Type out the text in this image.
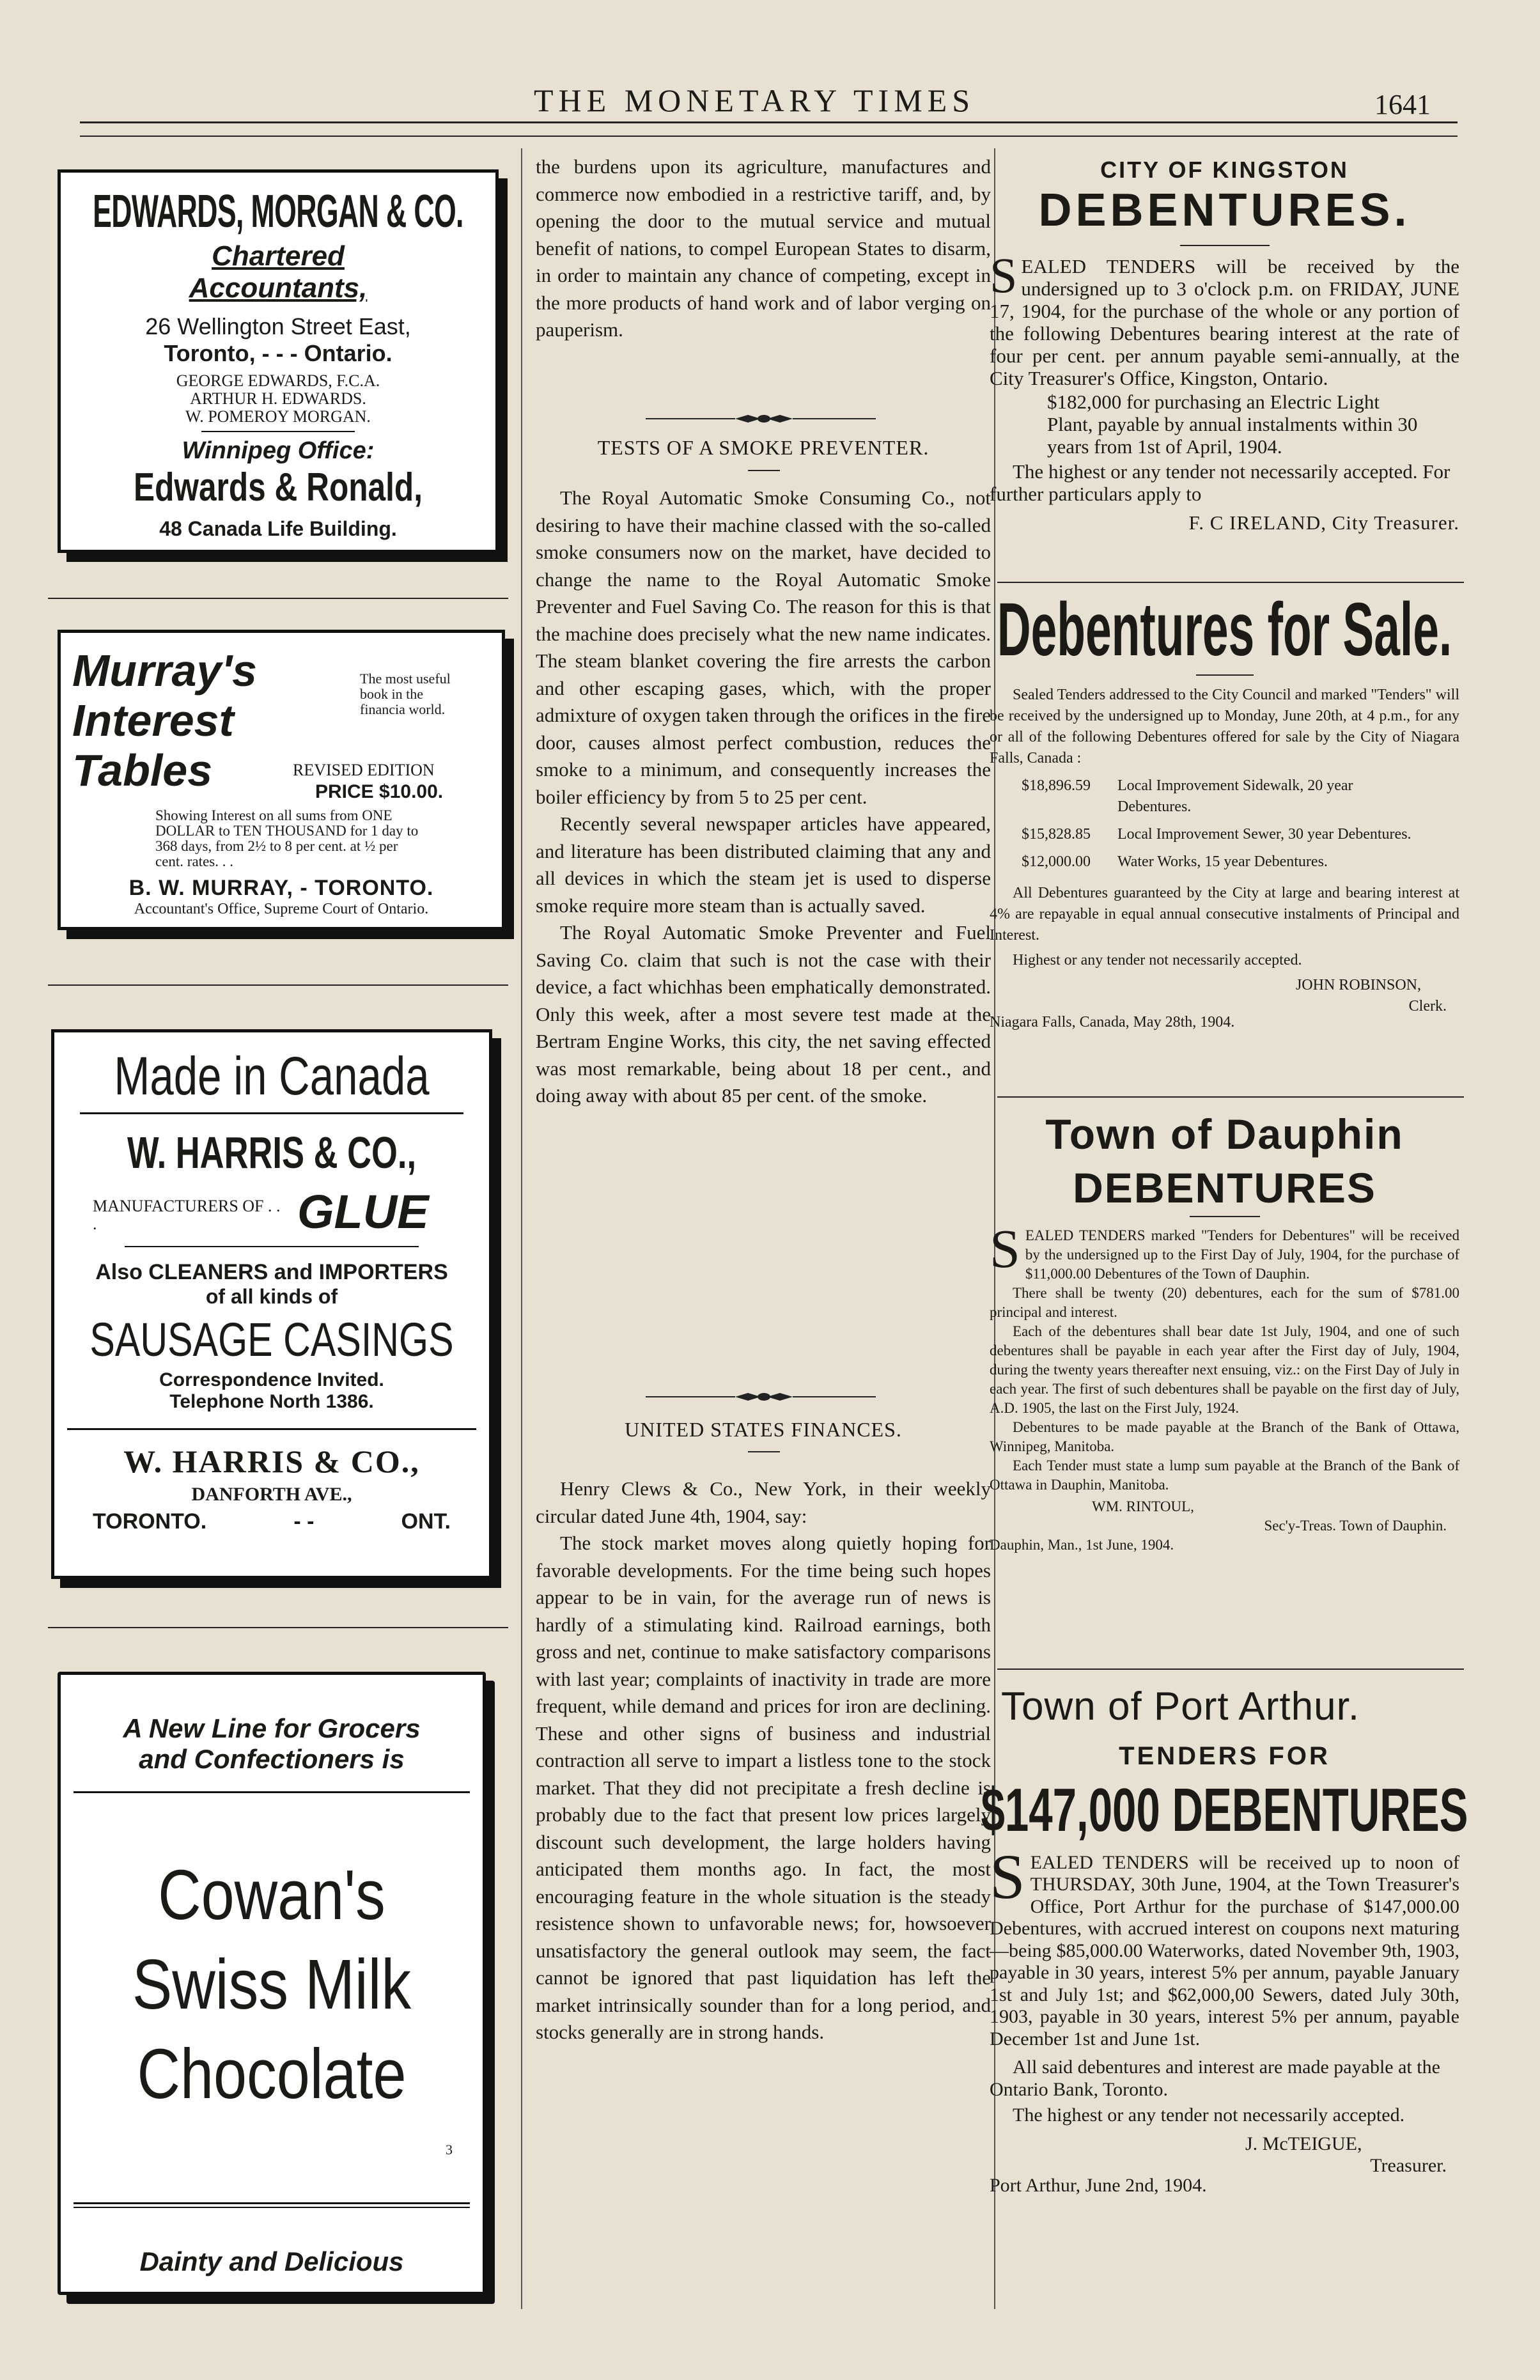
THE MONETARY TIMES	1641

EDWARDS, MORGAN & CO.

Chartered

Accountants,

26 Wellington Street East,

Toronto, - - - Ontario.

GEORGE EDWARDS, F.C.A.

ARTHUR H. EDWARDS.

W. POMEROY MORGAN.

Winnipeg Office:

Edwards & Ronald,

48 Canada Life Building.

Murray's

Interest

Tables

The most useful book in the financia world.

REVISED EDITION

PRICE $10.00.

Showing Interest on all sums from ONE DOLLAR to TEN THOUSAND for 1 day to 368 days, from 2½ to 8 per cent. at ½ per cent. rates. . .

B. W. MURRAY, - TORONTO.

Accountant's Office, Supreme Court of Ontario.

Made in Canada

W. HARRIS & CO.,

MANUFACTURERS OF . . .	GLUE

Also CLEANERS and IMPORTERS

of all kinds of

SAUSAGE CASINGS

Correspondence Invited.

Telephone North 1386.

W. HARRIS & CO.,

DANFORTH AVE.,

TORONTO.	- -	ONT.

A New Line for Grocers

and Confectioners is

Cowan's

Swiss Milk

Chocolate

3

Dainty and Delicious

the burdens upon its agriculture, manufactures and commerce now embodied in a restrictive tariff, and, by opening the door to the mutual service and mutual benefit of nations, to compel European States to disarm, in order to maintain any chance of competing, except in the more products of hand work and of labor verging on pauperism.

TESTS OF A SMOKE PREVENTER.

The Royal Automatic Smoke Consuming Co., not desiring to have their machine classed with the so-called smoke consumers now on the market, have decided to change the name to the Royal Automatic Smoke Preventer and Fuel Saving Co. The reason for this is that the machine does precisely what the new name indicates. The steam blanket covering the fire arrests the carbon and other escaping gases, which, with the proper admixture of oxygen taken through the orifices in the fire door, causes almost perfect combustion, reduces the smoke to a minimum, and consequently increases the boiler efficiency by from 5 to 25 per cent.

Recently several newspaper articles have appeared, and literature has been distributed claiming that any and all devices in which the steam jet is used to disperse smoke require more steam than is actually saved.

The Royal Automatic Smoke Preventer and Fuel Saving Co. claim that such is not the case with their device, a fact whichhas been emphatically demonstrated. Only this week, after a most severe test made at the Bertram Engine Works, this city, the net saving effected was most remarkable, being about 18 per cent., and doing away with about 85 per cent. of the smoke.

UNITED STATES FINANCES.

Henry Clews & Co., New York, in their weekly circular dated June 4th, 1904, say:

The stock market moves along quietly hoping for favorable developments. For the time being such hopes appear to be in vain, for the average run of news is hardly of a stimulating kind. Railroad earnings, both gross and net, continue to make satisfactory comparisons with last year; complaints of inactivity in trade are more frequent, while demand and prices for iron are declining. These and other signs of business and industrial contraction all serve to impart a listless tone to the stock market. That they did not precipitate a fresh decline is probably due to the fact that present low prices largely discount such development, the large holders having anticipated them months ago. In fact, the most encouraging feature in the whole situation is the steady resistence shown to unfavorable news; for, howsoever unsatisfactory the general outlook may seem, the fact cannot be ignored that past liquidation has left the market intrinsically sounder than for a long period, and stocks generally are in strong hands.

CITY OF KINGSTON

DEBENTURES.

SEALED TENDERS will be received by the undersigned up to 3 o'clock p.m. on FRIDAY, JUNE 17, 1904, for the purchase of the whole or any portion of the following Debentures bearing interest at the rate of four per cent. per annum payable semi-annually, at the City Treasurer's Office, Kingston, Ontario.

$182,000 for purchasing an Electric Light Plant, payable by annual instalments within 30 years from 1st of April, 1904.

The highest or any tender not necessarily accepted. For further particulars apply to

F. C IRELAND, City Treasurer.

Debentures for Sale.

Sealed Tenders addressed to the City Council and marked "Tenders" will be received by the undersigned up to Monday, June 20th, at 4 p.m., for any or all of the following Debentures offered for sale by the City of Niagara Falls, Canada :

$18,896.59	Local Improvement Sidewalk, 20 year Debentures.
$15,828.85	Local Improvement Sewer, 30 year Debentures.
$12,000.00	Water Works, 15 year Debentures.

All Debentures guaranteed by the City at large and bearing interest at 4% are repayable in equal annual consecutive instalments of Principal and Interest.

Highest or any tender not necessarily accepted.

JOHN ROBINSON,

Clerk.

Niagara Falls, Canada, May 28th, 1904.

Town of Dauphin

DEBENTURES

SEALED TENDERS marked "Tenders for Debentures" will be received by the undersigned up to the First Day of July, 1904, for the purchase of $11,000.00 Debentures of the Town of Dauphin.

There shall be twenty (20) debentures, each for the sum of $781.00 principal and interest.

Each of the debentures shall bear date 1st July, 1904, and one of such debentures shall be payable in each year after the First day of July, 1904, during the twenty years thereafter next ensuing, viz.: on the First Day of July in each year. The first of such debentures shall be payable on the first day of July, A.D. 1905, the last on the First July, 1924.

Debentures to be made payable at the Branch of the Bank of Ottawa, Winnipeg, Manitoba.

Each Tender must state a lump sum payable at the Branch of the Bank of Ottawa in Dauphin, Manitoba.

WM. RINTOUL,

Sec'y-Treas. Town of Dauphin.

Dauphin, Man., 1st June, 1904.

Town of Port Arthur.

TENDERS FOR

$147,000 DEBENTURES

SEALED TENDERS will be received up to noon of THURSDAY, 30th June, 1904, at the Town Treasurer's Office, Port Arthur for the purchase of $147,000.00 Debentures, with accrued interest on coupons next maturing—being $85,000.00 Waterworks, dated November 9th, 1903, payable in 30 years, interest 5% per annum, payable January 1st and July 1st; and $62,000,00 Sewers, dated July 30th, 1903, payable in 30 years, interest 5% per annum, payable December 1st and June 1st.

All said debentures and interest are made payable at the Ontario Bank, Toronto.

The highest or any tender not necessarily accepted.

J. McTEIGUE,

Treasurer.

Port Arthur, June 2nd, 1904.
